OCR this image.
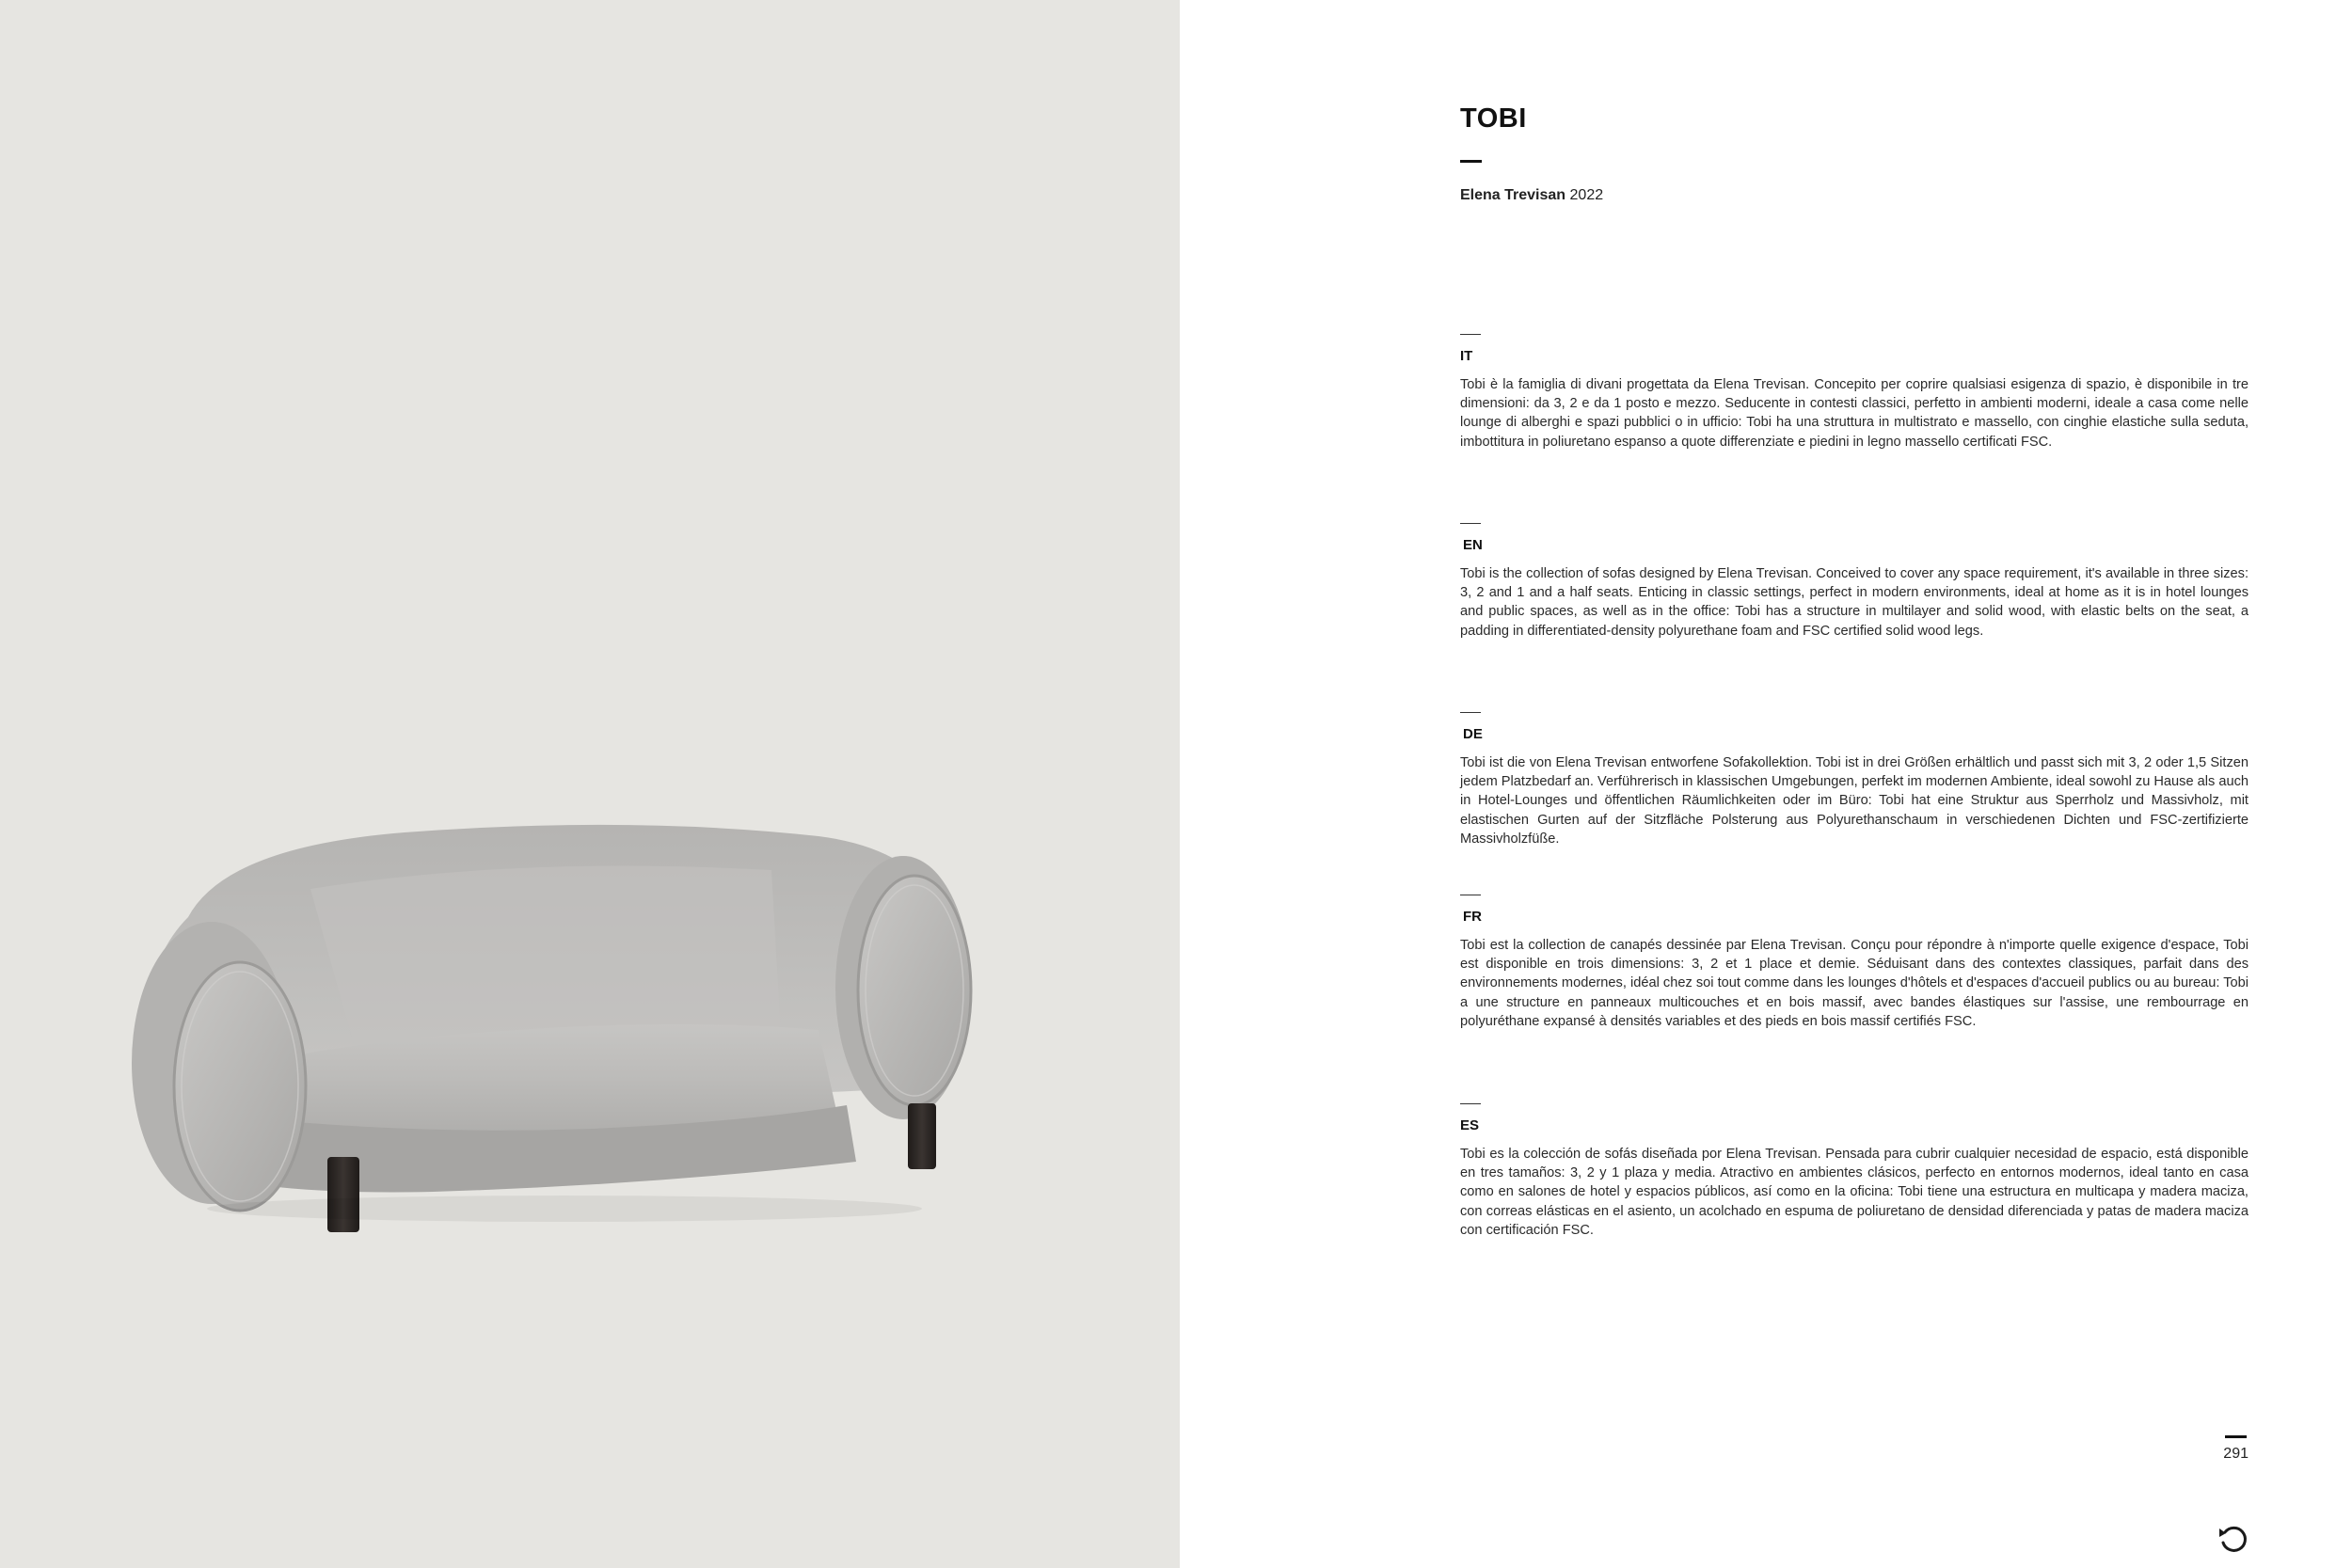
TOBI
Elena Trevisan 2022
IT
Tobi è la famiglia di divani progettata da Elena Trevisan. Concepito per coprire qualsiasi esigenza di spazio, è disponibile in tre dimensioni: da 3, 2 e da 1 posto e mezzo. Seducente in contesti classici, perfetto in ambienti moderni, ideale a casa come nelle lounge di alberghi e spazi pubblici o in ufficio: Tobi ha una struttura in multistrato e massello, con cinghie elastiche sulla seduta, imbottitura in poliuretano espanso a quote differenziate e piedini in legno massello certificati FSC.
EN
Tobi is the collection of sofas designed by Elena Trevisan. Conceived to cover any space requirement, it's available in three sizes: 3, 2 and 1 and a half seats. Enticing in classic settings, perfect in modern environments, ideal at home as it is in hotel lounges and public spaces, as well as in the office: Tobi has a structure in multilayer and solid wood, with elastic belts on the seat, a padding in differentiated-density polyurethane foam and FSC certified solid wood legs.
DE
Tobi ist die von Elena Trevisan entworfene Sofakollektion. Tobi ist in drei Größen erhältlich und passt sich mit 3, 2 oder 1,5 Sitzen jedem Platzbedarf an. Verführerisch in klassischen Umgebungen, perfekt im modernen Ambiente, ideal sowohl zu Hause als auch in Hotel-Lounges und öffentlichen Räumlichkeiten oder im Büro: Tobi hat eine Struktur aus Sperrholz und Massivholz, mit elastischen Gurten auf der Sitzfläche Polsterung aus Polyurethanschaum in verschiedenen Dichten und FSC-zertifizierte Massivholzfüße.
FR
Tobi est la collection de canapés dessinée par Elena Trevisan. Conçu pour répondre à n'importe quelle exigence d'espace, Tobi est disponible en trois dimensions: 3, 2 et 1 place et demie. Séduisant dans des contextes classiques, parfait dans des environnements modernes, idéal chez soi tout comme dans les lounges d'hôtels et d'espaces d'accueil publics ou au bureau: Tobi a une structure en panneaux multicouches et en bois massif, avec bandes élastiques sur l'assise, une rembourrage en polyuréthane expansé à densités variables et des pieds en bois massif certifiés FSC.
ES
Tobi es la colección de sofás diseñada por Elena Trevisan. Pensada para cubrir cualquier necesidad de espacio, está disponible en tres tamaños: 3, 2 y 1 plaza y media. Atractivo en ambientes clásicos, perfecto en entornos modernos, ideal tanto en casa como en salones de hotel y espacios públicos, así como en la oficina: Tobi tiene una estructura en multicapa y madera maciza, con correas elásticas en el asiento, un acolchado en espuma de poliuretano de densidad diferenciada y patas de madera maciza con certificación FSC.
291
